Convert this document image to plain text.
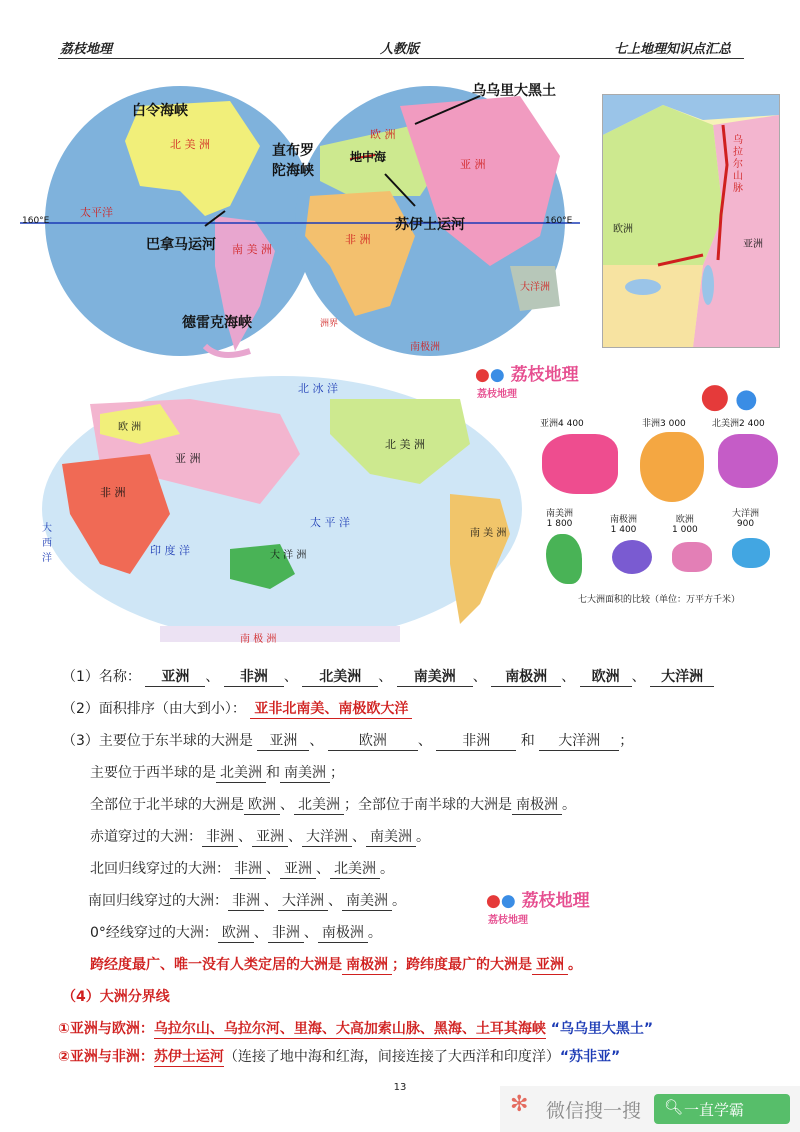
荔枝地理	人教版	七上地理知识点汇总
白令海峡
乌乌里大黑土
直布罗
陀海峡
地中海
苏伊士运河
巴拿马运河
德雷克海峡	洲界
北 美 洲
南 美 洲
欧 洲
亚 洲
非 洲
大洋洲
南极洲
太平洋
160°E	160°E
欧洲
亚洲
乌拉尔山脉
北 冰 洋
欧 洲
亚 洲
非 洲
北 美 洲
南 美 洲
大 洋 洲
南 极 洲
太 平 洋
印 度 洋
大 西 洋
●● 荔枝地理
荔枝地理	● ●
亚洲4 400	非洲3 000	北美洲2 400
南美洲
1 800	南极洲
1 400
欧洲
1 000
大洋洲
900
七大洲面积的比较（单位：万平方千米）
（1）名称： 亚洲 、 非洲 、 北美洲 、 南美洲 、 南极洲 、 欧洲 、 大洋洲
（2）面积排序（由大到小）： 亚非北南美、南极欧大洋
（3）主要位于东半球的大洲是 亚洲 、 欧洲 、 非洲 和 大洋洲 ；
主要位于西半球的是 北美洲 和 南美洲 ；
全部位于北半球的大洲是 欧洲 、 北美洲 ；全部位于南半球的大洲是 南极洲 。
赤道穿过的大洲： 非洲 、 亚洲 、 大洋洲 、 南美洲 。
北回归线穿过的大洲： 非洲 、 亚洲 、 北美洲 。
南回归线穿过的大洲： 非洲 、 大洋洲 、 南美洲 。	●● 荔枝地理
荔枝地理
0°经线穿过的大洲： 欧洲 、 非洲 、 南极洲 。
跨经度最广、唯一没有人类定居的大洲是 南极洲 ；跨纬度最广的大洲是 亚洲 。
（4）大洲分界线
①亚洲与欧洲：乌拉尔山、乌拉尔河、里海、大高加索山脉、黑海、土耳其海峡 “乌乌里大黑土”
②亚洲与非洲：苏伊士运河（连接了地中海和红海，间接连接了大西洋和印度洋）“苏非亚”
13
✻ 微信搜一搜 🔍︎ 一直学霸
